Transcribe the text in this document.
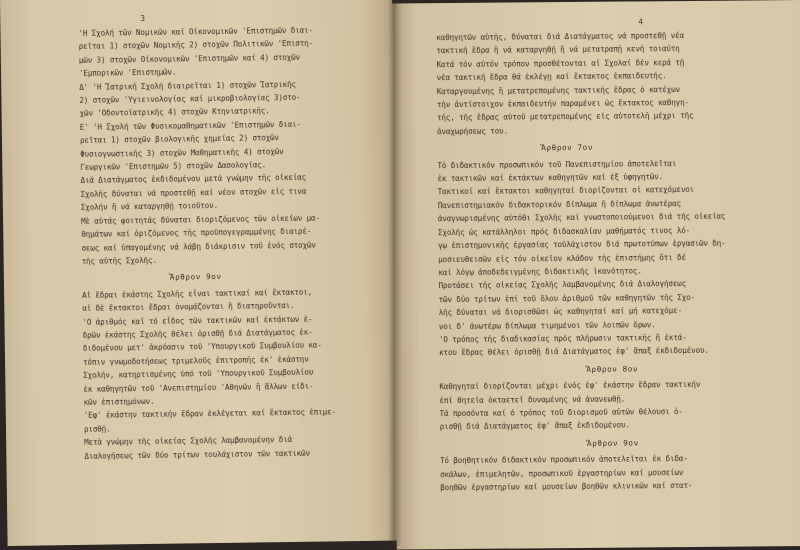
3
'Η Σχολή τῶν Νομικῶν καί Οἰκονομικῶν 'Επιστημῶν διαι-
ρεῖται 1) στοχῶν Νομικῆς 2) στοχῶν Πολιτικῶν 'Επιστη-
μῶν 3) στοχῶν Οἰκονομικῶν 'Επιστημῶν καί 4) στοχῶν
'Εμπορικῶν 'Επιστημῶν.
Δ' 'Η Ἰατρική Σχολή διαιρεῖται 1) στοχῶν Ἰατρικῆς
2) στοχῶν 'Υγιεινολογίας καί μικροβιολογίας 3)στο-
χῶν 'Οδοντοϊατρικῆς 4) στοχῶν Κτηνιατρικῆς.
Ε' 'Η Σχολή τῶν Φυσικομαθηματικῶν 'Επιστημῶν διαι-
ρεῖται 1) στοχῶν βιολογικῆς χημείας 2) στοχῶν
Φυσιογνωστικῆς 3) στοχῶν Μαθηματικῆς 4) στοχῶν
Γεωργικῶν 'Επιστημῶν 5) στοχῶν Δασολογίας.
Διά Διατάγματος ἐκδιδομένου μετά γνώμην τῆς οἰκείας
Σχολῆς δύναται νά προστεθῇ καί νέον στοχῶν εἰς τινα
Σχολήν ἤ νά καταργηθῇ τοιοῦτον.
Μὲ αὐτάς φοιτητάς δύναται διοριζόμενος τῶν οἰκείων μα-
θημάτων καί ὁριζόμενος τῆς προϋπογεγραμμένης διαιρέ-
σεως καί ὑπαγομένης νά λάβῃ διάκρισιν τοῦ ἑνός στοχῶν
τῆς αὐτῆς Σχολῆς.
Ἄρθρον 9ον
Αἱ ἕδραι ἑκάστης Σχολῆς εἶναι τακτικαί καί ἔκτακτοι,
αἱ δὲ ἔκτακτοι ἕδραι ὀνομάζονται ἢ διατηροῦνται.
'Ο ἀριθμός καί τό εἶδος τῶν τακτικῶν καί ἐκτάκτων ἑ-
δρῶν ἑκάστης Σχολῆς θέλει ὁρισθῇ διά Διατάγματος ἐκ-
διδομένου μετ' ἀκρόασιν τοῦ 'Υπουργικοῦ Συμβουλίου κα-
τόπιν γνωμοδοτήσεως τριμελοῦς ἐπιτροπῆς ἐκ' ἑκάστην
Σχολήν, κατηρτισμένης ὑπό τοῦ 'Υπουργικοῦ Συμβουλίου
ἐκ καθηγητῶν τοῦ 'Ανεπιστημίου 'Αθηνῶν ἢ ἄλλων εἰδι-
κῶν ἐπιστημόνων.
'Εφ' ἑκάστην τακτικήν ἕδραν ἐκλέγεται καί ἔκτακτος ἐπιμε-
ρισθῇ.
Μετὰ γνώμην τῆς οἰκείας Σχολῆς λαμβανομένην διά
Διαλογήσεως τῶν δύο τρίτων τουλάχιστον τῶν τακτικῶν
4
καθηγητῶν αὐτῆς, δύναται διά Διατάγματος νά προστεθῇ νέα
τακτική ἕδρα ἢ νά καταργηθῇ ἢ νά μετατραπῇ κενή τοιαύτη
Κατά τόν αὐτόν τρόπον προσθέτονται αἱ Σχολαί δέν κερά τῇ
νέα τακτική ἕδρα θά ἐκλέγῃ καί ἔκτακτος ἐκπαιδευτής.
Καταργουμένης ἢ μετατρεπομένης τακτικῆς ἕδρας ὁ κατέχων
τήν ἀντίστοιχον ἐκπαιδευτήν παραμένει ὡς ἔκτακτος καθηγη-
τής, τῆς ἕδρας αὐτοῦ μετατρεπομένης εἰς αὐτοτελῆ μέχρι τῆς
ἀναχωρήσεως του.
Ἄρθρον 7ον
Τό διδακτικόν προσωπικόν τοῦ Πανεπιστημίου ἀποτελεῖται
ἐκ τακτικῶν καί ἐκτάκτων καθηγητῶν καί ἐξ ὑφηγητῶν.
Τακτικοί καί ἔκτακτοι καθηγηταί διορίζονται οἱ κατεχόμενοι
Πανεπιστημιακόν διδακτορικόν δίπλωμα ἢ δίπλωμα ἀνωτέρας
ἀναγνωρισμένης αὐτόθι Σχολῆς καί γνωστοποιούμενοι διά τῆς οἰκείας
Σχολῆς ὡς κατάλληλοι πρός διδασκαλίαν μαθήματός τινος λό-
γῳ ἐπιστημονικῆς ἐργασίας τοὐλάχιστον διά πρωτοτύπων ἐργασιῶν δη-
μοσιευθεισῶν εἰς τόν οἰκεῖον κλάδον τῆς ἐπιστήμης ὅτι δέ
καί λόγῳ ἀποδεδειγμένης διδακτικῆς ἱκανότητος.
Προτάσει τῆς οἰκείας Σχολῆς λαμβανομένης διά Διαλογήσεως
τῶν δύο τρίτων ἐπί τοῦ ὅλου ἀριθμοῦ τῶν καθηγητῶν τῆς Σχο-
λῆς δύναται νά διορισθῶσι ὡς καθηγηταί καί μή κατεχόμε-
νοι δ' ἀνωτέρω δίπλωμα τιμημένοι τῶν λοιπῶν ὅρων.
'Ο τρόπος τῆς διαδικασίας πρός πλήρωσιν τακτικῆς ἢ ἐκτά-
κτου ἕδρας θέλει ὁρισθῇ διά Διατάγματος ἐφ' ἅπαξ ἐκδιδομένου.
Ἄρθρον 8ον
Καθηγηταί διορίζονται μέχρι ἑνός ἐφ' ἑκάστην ἕδραν τακτικήν
ἐπί θητεία ὀκταετεῖ δυναμένης νά ἀνανεωθῇ.
Τά προσόντα καί ὁ τρόπος τοῦ διορισμοῦ αὐτῶν θέλουσι ὁ-
ρισθῇ διά Διατάγματος ἐφ' ἅπαξ ἐκδιδομένου.
Ἄρθρον 9ον
Τό βοηθητικόν διδακτικόν προσωπικόν ἀποτελεῖται ἐκ διδα-
σκάλων, ἐπιμελητῶν, προσωπικοῦ ἐργαστηρίων καί μουσείων
βοηθῶν ἐργαστηρίων καί μουσείων βοηθῶν κλινικῶν καί στατ-
